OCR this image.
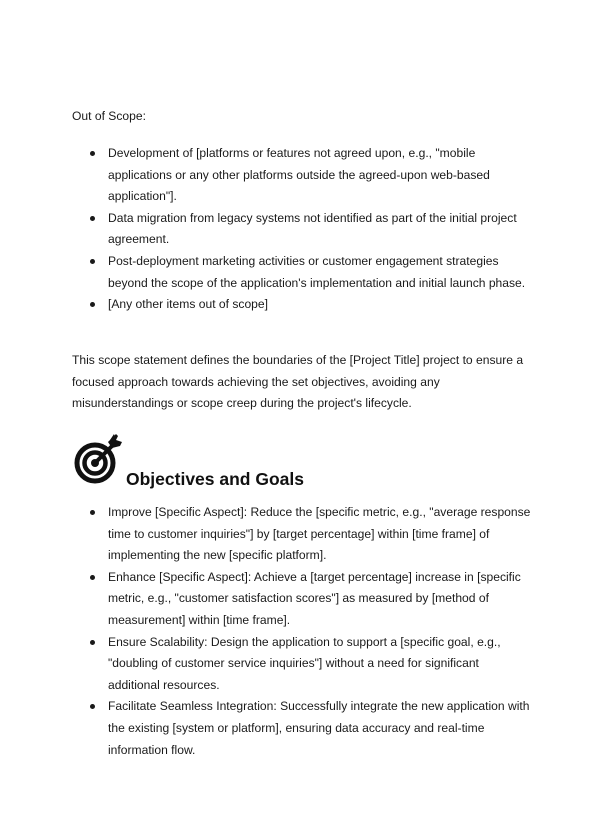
Out of Scope:

Development of [platforms or features not agreed upon, e.g., "mobile applications or any other platforms outside the agreed-upon web-based application"].
Data migration from legacy systems not identified as part of the initial project agreement.
Post-deployment marketing activities or customer engagement strategies beyond the scope of the application's implementation and initial launch phase.
[Any other items out of scope]

This scope statement defines the boundaries of the [Project Title] project to ensure a focused approach towards achieving the set objectives, avoiding any misunderstandings or scope creep during the project's lifecycle.

Objectives and Goals
Improve [Specific Aspect]: Reduce the [specific metric, e.g., "average response time to customer inquiries"] by [target percentage] within [time frame] of implementing the new [specific platform].
Enhance [Specific Aspect]: Achieve a [target percentage] increase in [specific metric, e.g., "customer satisfaction scores"] as measured by [method of measurement] within [time frame].
Ensure Scalability: Design the application to support a [specific goal, e.g., "doubling of customer service inquiries"] without a need for significant additional resources.
Facilitate Seamless Integration: Successfully integrate the new application with the existing [system or platform], ensuring data accuracy and real-time information flow.
